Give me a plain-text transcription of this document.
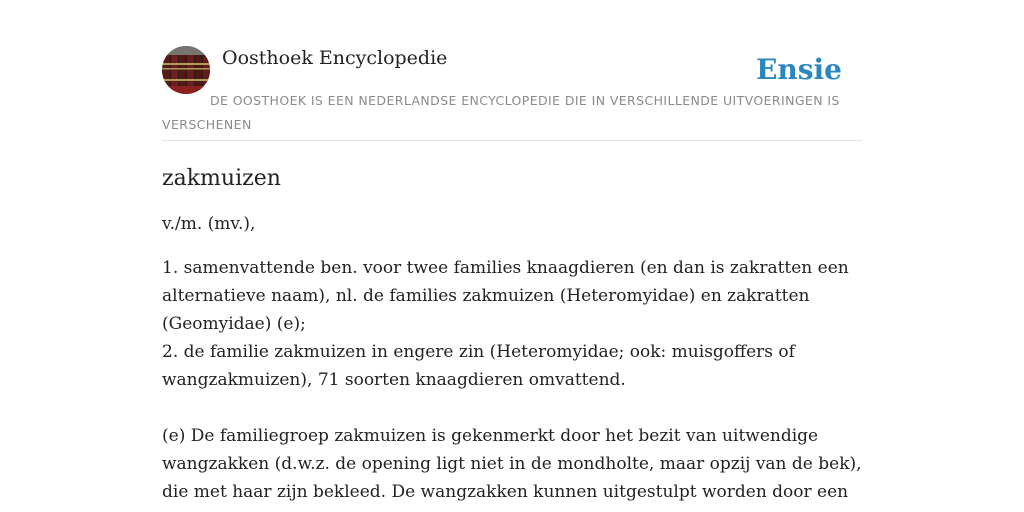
Oosthoek Encyclopedie	Ensie
DE OOSTHOEK IS EEN NEDERLANDSE ENCYCLOPEDIE DIE IN VERSCHILLENDE UITVOERINGEN IS VERSCHENEN
zakmuizen

v./m. (mv.),

1. samenvattende ben. voor twee families knaagdieren (en dan is zakratten een alternatieve naam), nl. de families zakmuizen (Heteromyidae) en zakratten (Geomyidae) (e);

2. de familie zakmuizen in engere zin (Heteromyidae; ook: muisgoffers of wangzakmuizen), 71 soorten knaagdieren omvattend.

(e) De familiegroep zakmuizen is gekenmerkt door het bezit van uitwendige wangzakken (d.w.z. de opening ligt niet in de mondholte, maar opzij van de bek), die met haar zijn bekleed. De wangzakken kunnen uitgestulpt worden door een
